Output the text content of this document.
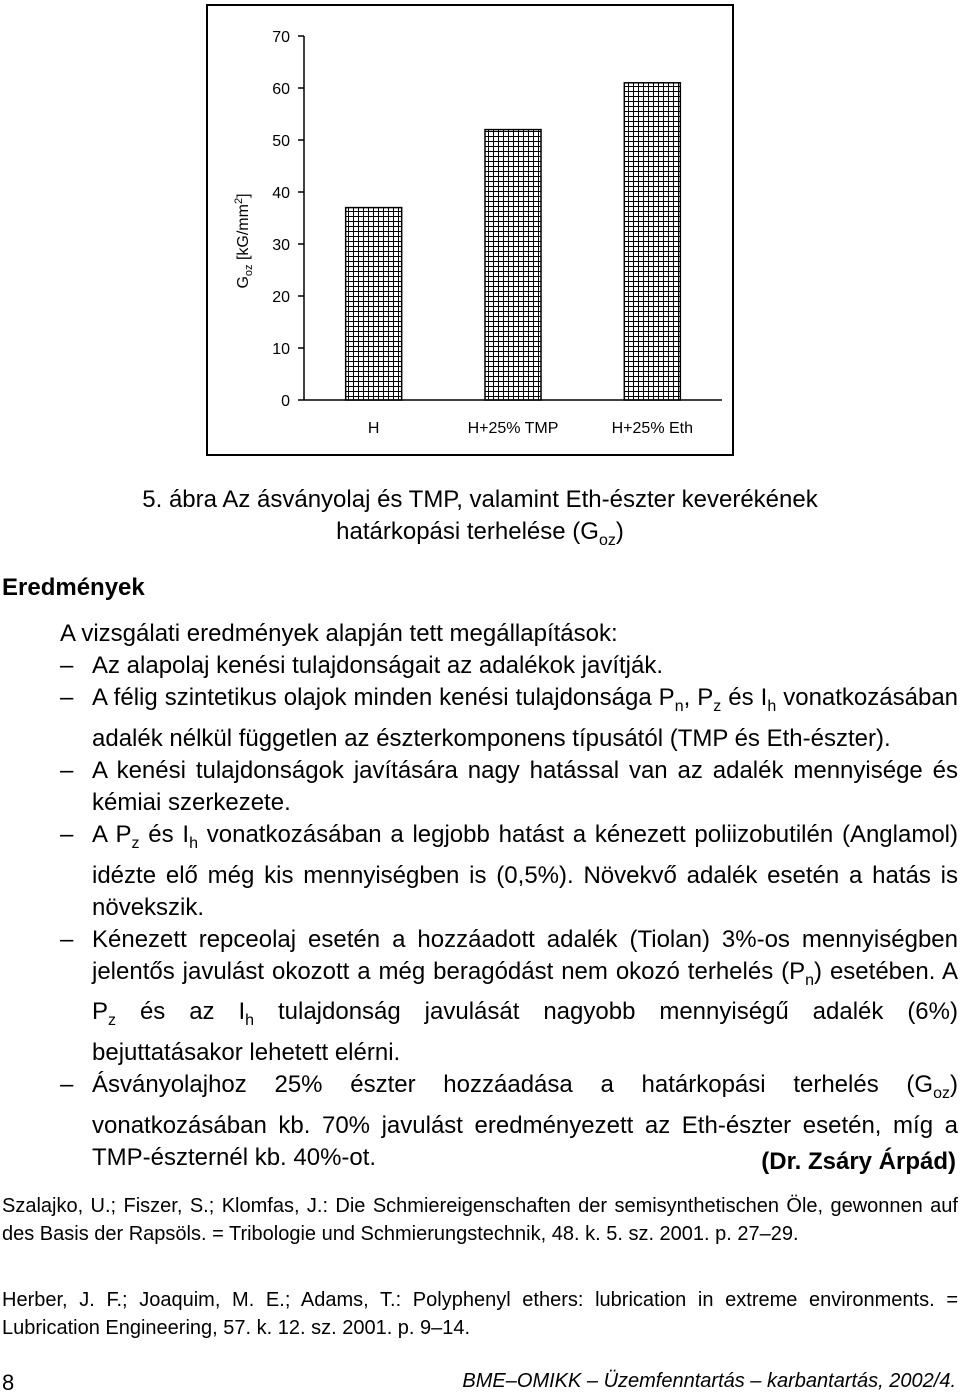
0
10
20
30
40
50
60
70
H	H+25% TMP	H+25% Eth
$G_{oz}$ $[kG/mm^2]$
5. ábra Az ásványolaj és TMP, valamint Eth-észter keverékének
határkopási terhelése $(G_{oz})$
Eredmények
A vizsgálati eredmények alapján tett megállapítások:
– Az alapolaj kenési tulajdonságait az adalékok javítják.
– A félig szintetikus olajok minden kenési tulajdonsága $P_n$, $P_z$ és $I_h$ vonatkozásában adalék nélkül független az észterkomponens típusától (TMP és Eth-észter).
– A kenési tulajdonságok javítására nagy hatással van az adalék mennyisége és kémiai szerkezete.
– A $P_z$ és $I_h$ vonatkozásában a legjobb hatást a kénezett poliizobutilén (Anglamol) idézte elő még kis mennyiségben is (0,5%). Növekvő adalék esetén a hatás is növekszik.
– Kénezett repceolaj esetén a hozzáadott adalék (Tiolan) 3%-os mennyiségben jelentős javulást okozott a még beragódást nem okozó terhelés $(P_n)$ esetében. A $P_z$ és az $I_h$ tulajdonság javulását nagyobb mennyiségű adalék (6%) bejuttatásakor lehetett elérni.
– Ásványolajhoz 25% észter hozzáadása a határkopási terhelés $(G_{oz})$ vonatkozásában kb. 70% javulást eredményezett az Eth-észter esetén, míg a TMP-észternél kb. 40%-ot.	(Dr. Zsáry Árpád)
Szalajko, U.; Fiszer, S.; Klomfas, J.: Die Schmiereigenschaften der semisynthetischen Öle, gewonnen auf des Basis der Rapsöls. = Tribologie und Schmierungstechnik, 48. k. 5. sz. 2001. p. 27–29.
Herber, J. F.; Joaquim, M. E.; Adams, T.: Polyphenyl ethers: lubrication in extreme environments. = Lubrication Engineering, 57. k. 12. sz. 2001. p. 9–14.
8	BME–OMIKK – Üzemfenntartás – karbantartás, 2002/4.
